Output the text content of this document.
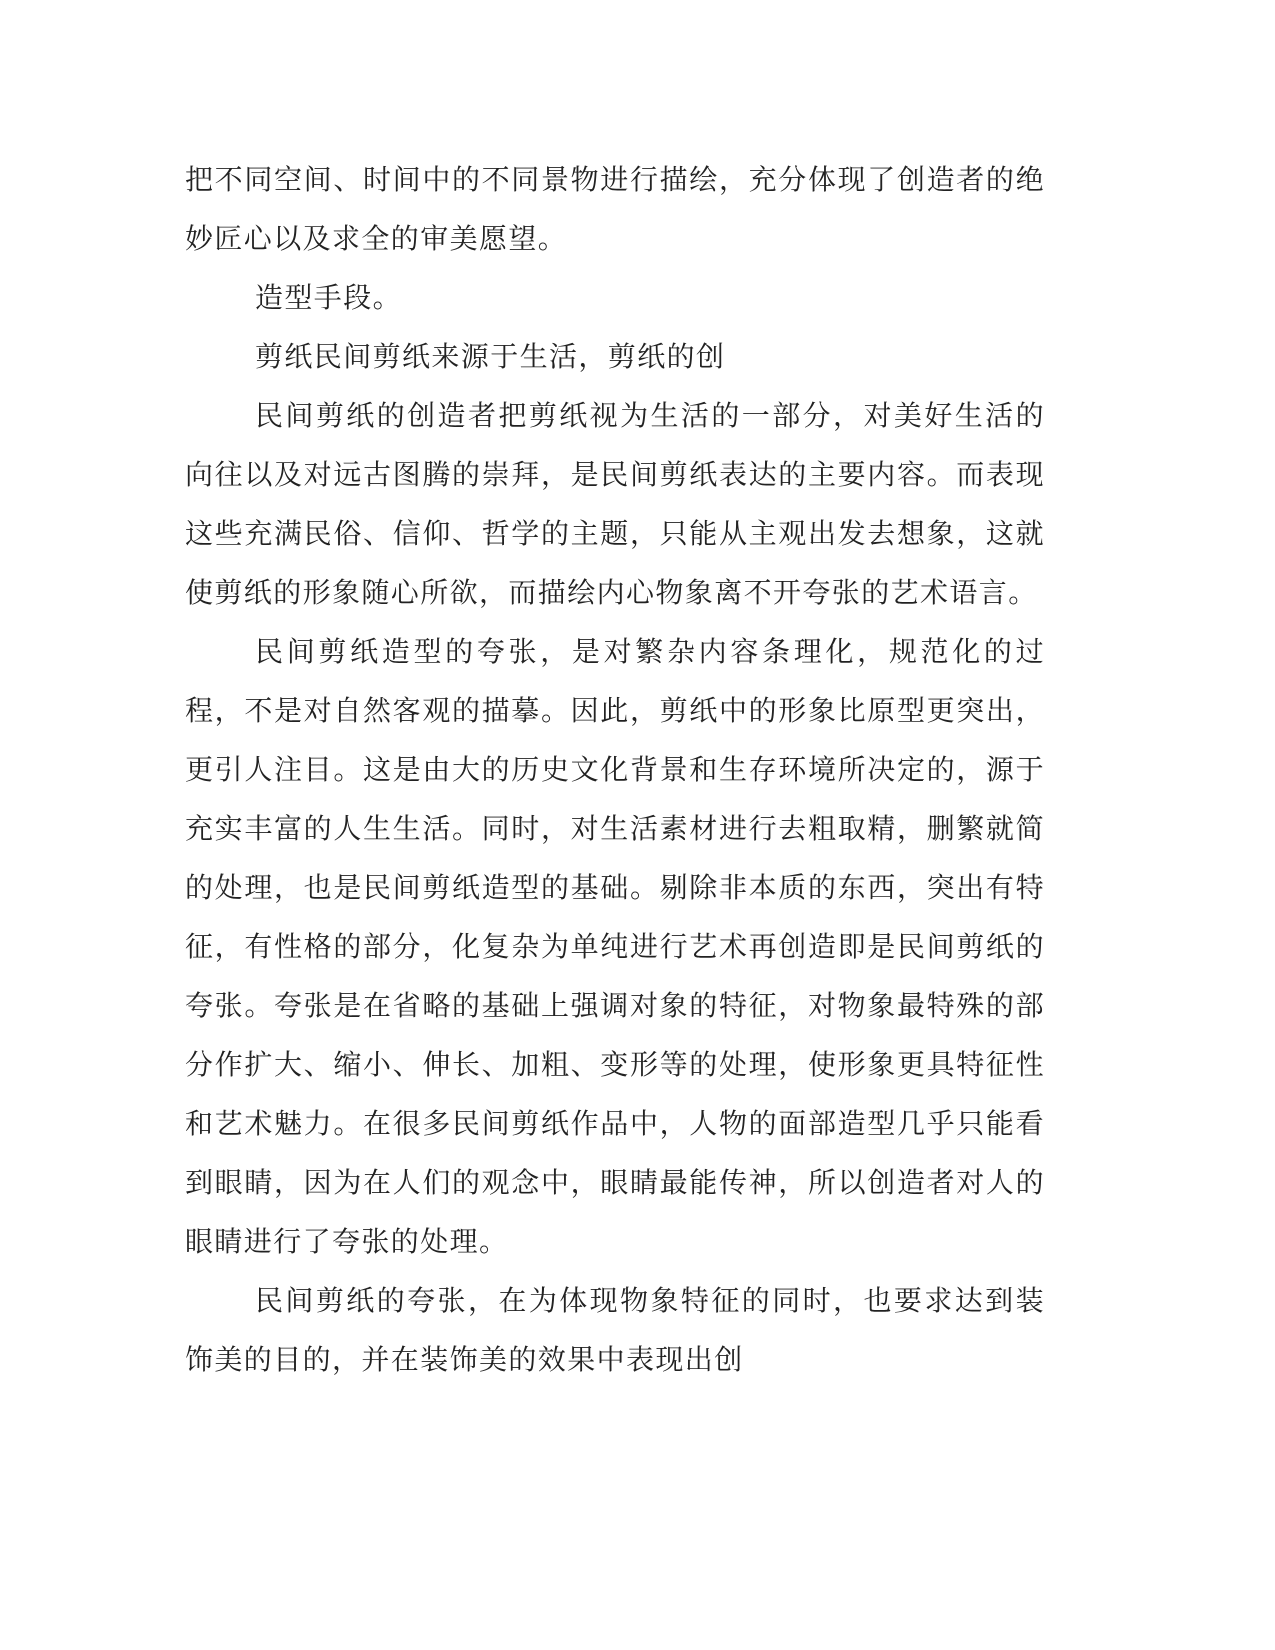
把不同空间、时间中的不同景物进行描绘，充分体现了创造者的绝妙匠心以及求全的审美愿望。

造型手段。

剪纸民间剪纸来源于生活，剪纸的创

民间剪纸的创造者把剪纸视为生活的一部分，对美好生活的向往以及对远古图腾的崇拜，是民间剪纸表达的主要内容。而表现这些充满民俗、信仰、哲学的主题，只能从主观出发去想象，这就使剪纸的形象随心所欲，而描绘内心物象离不开夸张的艺术语言。

民间剪纸造型的夸张，是对繁杂内容条理化，规范化的过程，不是对自然客观的描摹。因此，剪纸中的形象比原型更突出，更引人注目。这是由大的历史文化背景和生存环境所决定的，源于充实丰富的人生生活。同时，对生活素材进行去粗取精，删繁就简的处理，也是民间剪纸造型的基础。剔除非本质的东西，突出有特征，有性格的部分，化复杂为单纯进行艺术再创造即是民间剪纸的夸张。夸张是在省略的基础上强调对象的特征，对物象最特殊的部分作扩大、缩小、伸长、加粗、变形等的处理，使形象更具特征性和艺术魅力。在很多民间剪纸作品中，人物的面部造型几乎只能看到眼睛，因为在人们的观念中，眼睛最能传神，所以创造者对人的眼睛进行了夸张的处理。

民间剪纸的夸张，在为体现物象特征的同时，也要求达到装饰美的目的，并在装饰美的效果中表现出创
